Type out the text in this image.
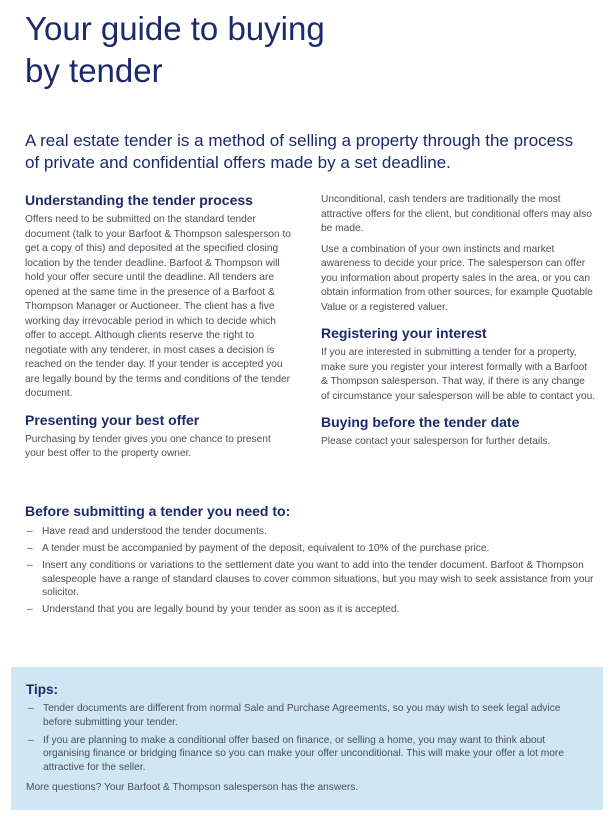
Your guide to buying
by tender

A real estate tender is a method of selling a property through the process of private and confidential offers made by a set deadline.

Understanding the tender process

Offers need to be submitted on the standard tender document (talk to your Barfoot & Thompson salesperson to get a copy of this) and deposited at the specified closing location by the tender deadline. Barfoot & Thompson will hold your offer secure until the deadline. All tenders are opened at the same time in the presence of a Barfoot & Thompson Manager or Auctioneer. The client has a five working day irrevocable period in which to decide which offer to accept. Although clients reserve the right to negotiate with any tenderer, in most cases a decision is reached on the tender day. If your tender is accepted you are legally bound by the terms and conditions of the tender document.

Presenting your best offer

Purchasing by tender gives you one chance to present your best offer to the property owner.

Unconditional, cash tenders are traditionally the most attractive offers for the client, but conditional offers may also be made.

Use a combination of your own instincts and market awareness to decide your price. The salesperson can offer you information about property sales in the area, or you can obtain information from other sources, for example Quotable Value or a registered valuer.

Registering your interest

If you are interested in submitting a tender for a property, make sure you register your interest formally with a Barfoot & Thompson salesperson. That way, if there is any change of circumstance your salesperson will be able to contact you.

Buying before the tender date

Please contact your salesperson for further details.

Before submitting a tender you need to:
– Have read and understood the tender documents.
– A tender must be accompanied by payment of the deposit, equivalent to 10% of the purchase price.
– Insert any conditions or variations to the settlement date you want to add into the tender document. Barfoot & Thompson salespeople have a range of standard clauses to cover common situations, but you may wish to seek assistance from your solicitor.
– Understand that you are legally bound by your tender as soon as it is accepted.
Tips:
– Tender documents are different from normal Sale and Purchase Agreements, so you may wish to seek legal advice before submitting your tender.
– If you are planning to make a conditional offer based on finance, or selling a home, you may want to think about organising finance or bridging finance so you can make your offer unconditional. This will make your offer a lot more attractive for the seller.

More questions? Your Barfoot & Thompson salesperson has the answers.
